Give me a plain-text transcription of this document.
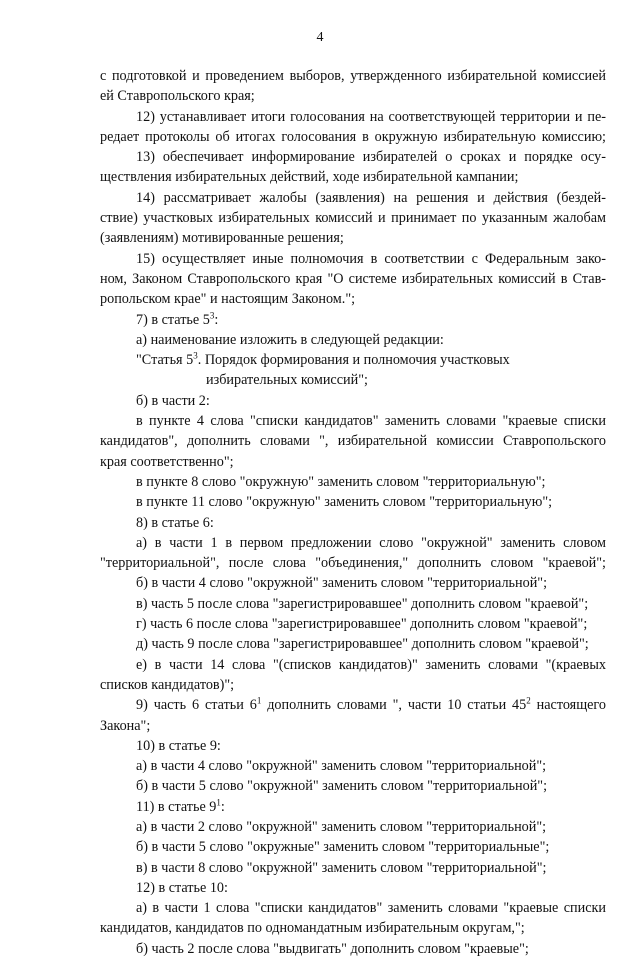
4
с подготовкой и проведением выборов, утвержденного избирательной комиссией
ей Ставропольского края;
12) устанавливает итоги голосования на соответствующей территории и пе-
редает протоколы об итогах голосования в окружную избирательную комиссию;
13) обеспечивает информирование избирателей о сроках и порядке осу-
ществления избирательных действий, ходе избирательной кампании;
14) рассматривает жалобы (заявления) на решения и действия (бездей-
ствие) участковых избирательных комиссий и принимает по указанным жалобам
(заявлениям) мотивированные решения;
15) осуществляет иные полномочия в соответствии с Федеральным зако-
ном, Законом Ставропольского края "О системе избирательных комиссий в Став-
ропольском крае" и настоящим Законом.";
7) в статье $5^3$:
а) наименование изложить в следующей редакции:
"Статья $5^3$. Порядок формирования и полномочия участковых
избирательных комиссий";
б) в части 2:
в пункте 4 слова "списки кандидатов" заменить словами "краевые списки
кандидатов", дополнить словами ", избирательной комиссии Ставропольского
края соответственно";
в пункте 8 слово "окружную" заменить словом "территориальную";
в пункте 11 слово "окружную" заменить словом "территориальную";
8) в статье 6:
а) в части 1 в первом предложении слово "окружной" заменить словом
"территориальной", после слова "объединения," дополнить словом "краевой";
б) в части 4 слово "окружной" заменить словом "территориальной";
в) часть 5 после слова "зарегистрировавшее" дополнить словом "краевой";
г) часть 6 после слова "зарегистрировавшее" дополнить словом "краевой";
д) часть 9 после слова "зарегистрировавшее" дополнить словом "краевой";
е) в части 14 слова "(списков кандидатов)" заменить словами "(краевых
списков кандидатов)";
9) часть 6 статьи $6^1$ дополнить словами ", части 10 статьи $45^2$ настоящего
Закона";
10) в статье 9:
а) в части 4 слово "окружной" заменить словом "территориальной";
б) в части 5 слово "окружной" заменить словом "территориальной";
11) в статье $9^1$:
а) в части 2 слово "окружной" заменить словом "территориальной";
б) в части 5 слово "окружные" заменить словом "территориальные";
в) в части 8 слово "окружной" заменить словом "территориальной";
12) в статье 10:
а) в части 1 слова "списки кандидатов" заменить словами "краевые списки
кандидатов, кандидатов по одномандатным избирательным округам,";
б) часть 2 после слова "выдвигать" дополнить словом "краевые";
